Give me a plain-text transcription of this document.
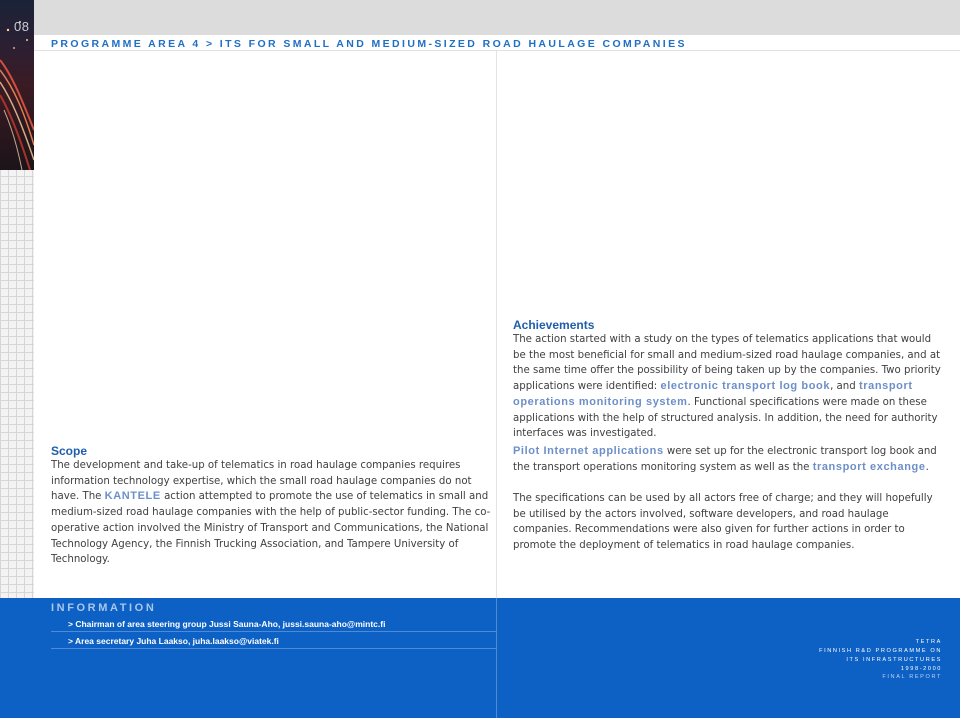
08
PROGRAMME AREA 4 > ITS FOR SMALL AND MEDIUM-SIZED ROAD HAULAGE COMPANIES
Scope

The development and take-up of telematics in road haulage companies requires information technology expertise, which the small road haulage companies do not have. The KANTELE action attempted to promote the use of telematics in small and medium-sized road haulage companies with the help of public-sector funding. The co-operative action involved the Ministry of Transport and Communications, the National Technology Agency, the Finnish Trucking Association, and Tampere University of Technology.

Achievements

The action started with a study on the types of telematics applications that would be the most beneficial for small and medium-sized road haulage companies, and at the same time offer the possibility of being taken up by the companies. Two priority applications were identified: electronic transport log book, and transport operations monitoring system. Functional specifications were made on these applications with the help of structured analysis. In addition, the need for authority interfaces was investigated.

Pilot Internet applications were set up for the electronic transport log book and the transport operations monitoring system as well as the transport exchange.

The specifications can be used by all actors free of charge; and they will hopefully be utilised by the actors involved, software developers, and road haulage companies. Recommendations were also given for further actions in order to promote the deployment of telematics in road haulage companies.

INFORMATION
> Chairman of area steering group Jussi Sauna-Aho, jussi.sauna-aho@mintc.fi
> Area secretary Juha Laakso, juha.laakso@viatek.fi	TETRA
FINNISH R&D PROGRAMME ON
ITS INFRASTRUCTURES
1998-2000
FINAL REPORT
